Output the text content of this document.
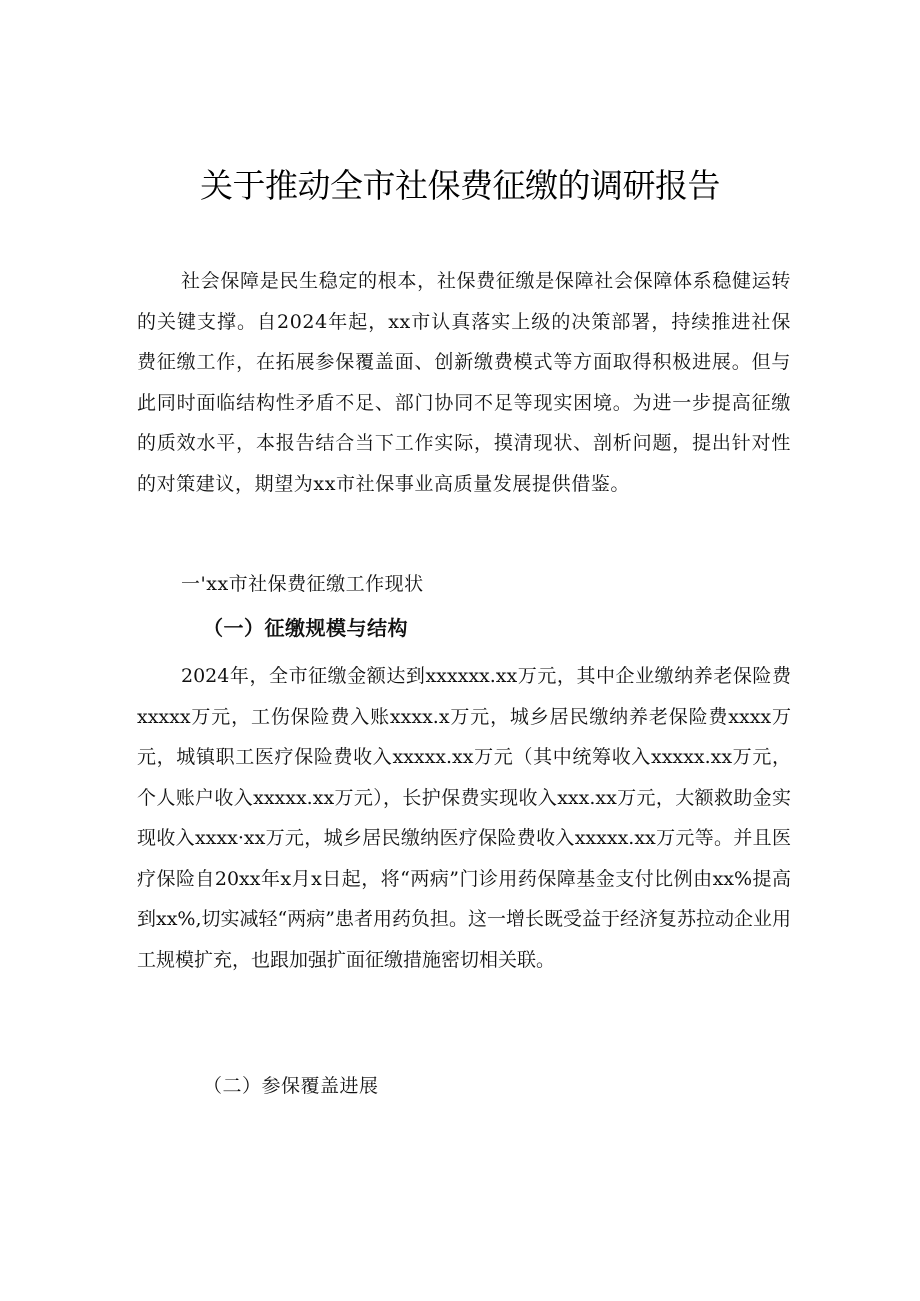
关于推动全市社保费征缴的调研报告

社会保障是民生稳定的根本，社保费征缴是保障社会保障体系稳健运转的关键支撑。自2024年起，xx市认真落实上级的决策部署，持续推进社保费征缴工作，在拓展参保覆盖面、创新缴费模式等方面取得积极进展。但与此同时面临结构性矛盾不足、部门协同不足等现实困境。为进一步提高征缴的质效水平，本报告结合当下工作实际，摸清现状、剖析问题，提出针对性的对策建议，期望为xx市社保事业高质量发展提供借鉴。

一'xx市社保费征缴工作现状

（一）征缴规模与结构

2024年，全市征缴金额达到xxxxxx.xx万元，其中企业缴纳养老保险费xxxxx万元，工伤保险费入账xxxx.x万元，城乡居民缴纳养老保险费xxxx万元，城镇职工医疗保险费收入xxxxx.xx万元（其中统筹收入xxxxx.xx万元，个人账户收入xxxxx.xx万元），长护保费实现收入xxx.xx万元，大额救助金实现收入xxxx·xx万元，城乡居民缴纳医疗保险费收入xxxxx.xx万元等。并且医疗保险自20xx年x月x日起，将“两病”门诊用药保障基金支付比例由xx%提高到xx%,切实减轻“两病”患者用药负担。这一增长既受益于经济复苏拉动企业用工规模扩充，也跟加强扩面征缴措施密切相关联。

（二）参保覆盖进展
